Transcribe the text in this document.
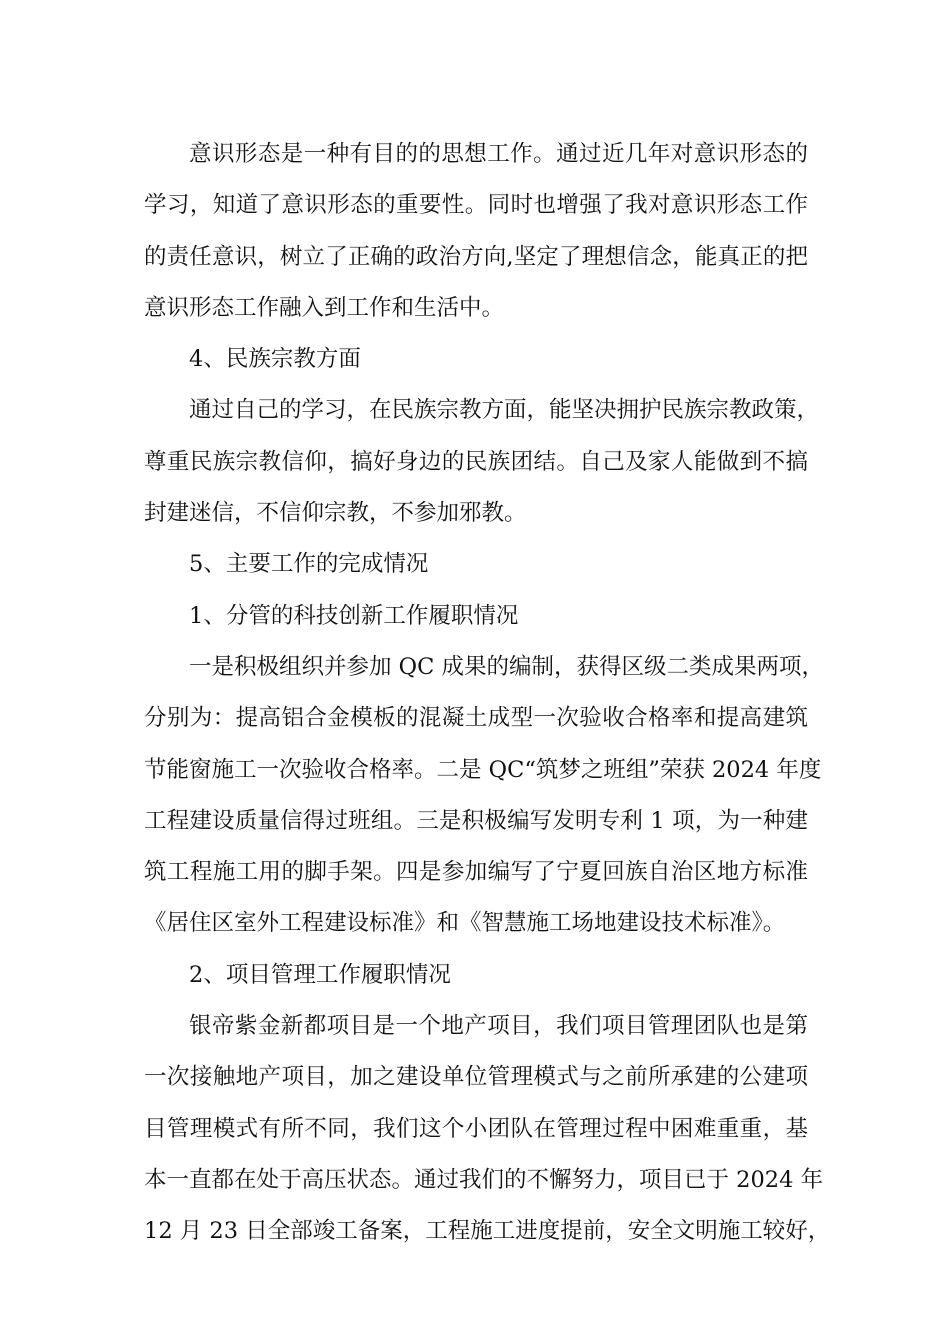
意识形态是一种有目的的思想工作。通过近几年对意识形态的
学习，知道了意识形态的重要性。同时也增强了我对意识形态工作
的责任意识，树立了正确的政治方向,坚定了理想信念，能真正的把
意识形态工作融入到工作和生活中。
4、民族宗教方面
通过自己的学习，在民族宗教方面，能坚决拥护民族宗教政策，
尊重民族宗教信仰，搞好身边的民族团结。自己及家人能做到不搞
封建迷信，不信仰宗教，不参加邪教。
5、主要工作的完成情况
1、分管的科技创新工作履职情况
一是积极组织并参加 QC 成果的编制，获得区级二类成果两项，
分别为：提高铝合金模板的混凝土成型一次验收合格率和提高建筑
节能窗施工一次验收合格率。二是 QC“筑梦之班组”荣获 2024 年度
工程建设质量信得过班组。三是积极编写发明专利 1 项，为一种建
筑工程施工用的脚手架。四是参加编写了宁夏回族自治区地方标准
《居住区室外工程建设标准》和《智慧施工场地建设技术标准》。
2、项目管理工作履职情况
银帝紫金新都项目是一个地产项目，我们项目管理团队也是第
一次接触地产项目，加之建设单位管理模式与之前所承建的公建项
目管理模式有所不同，我们这个小团队在管理过程中困难重重，基
本一直都在处于高压状态。通过我们的不懈努力，项目已于 2024 年
12 月 23 日全部竣工备案，工程施工进度提前，安全文明施工较好，
